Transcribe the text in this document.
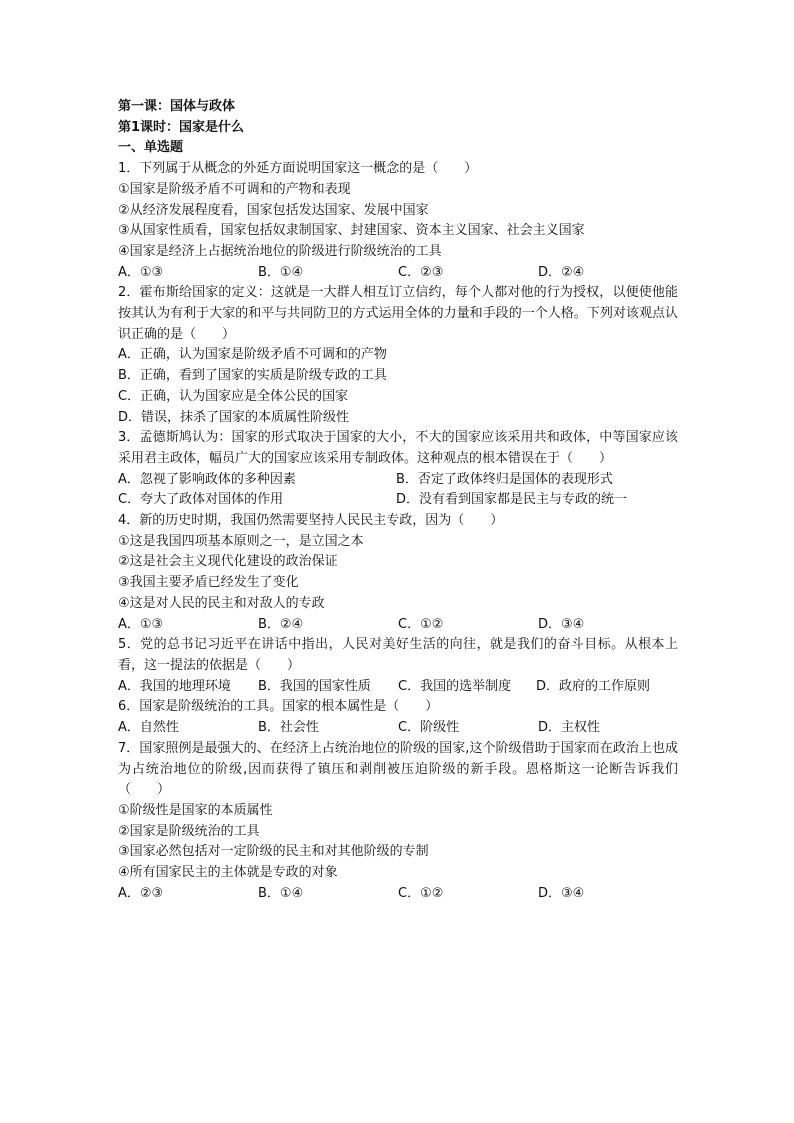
第一课：国体与政体
第1课时：国家是什么
一、单选题
1．下列属于从概念的外延方面说明国家这一概念的是（　　）
①国家是阶级矛盾不可调和的产物和表现
②从经济发展程度看，国家包括发达国家、发展中国家
③从国家性质看，国家包括奴隶制国家、封建国家、资本主义国家、社会主义国家
④国家是经济上占据统治地位的阶级进行阶级统治的工具
A．①③	B．①④	C．②③	D．②④
2．霍布斯给国家的定义：这就是一大群人相互订立信约，每个人都对他的行为授权，以便使他能按其认为有利于大家的和平与共同防卫的方式运用全体的力量和手段的一个人格。下列对该观点认识正确的是（　　）
A．正确，认为国家是阶级矛盾不可调和的产物
B．正确，看到了国家的实质是阶级专政的工具
C．正确，认为国家应是全体公民的国家
D．错误，抹杀了国家的本质属性阶级性
3．孟德斯鸠认为：国家的形式取决于国家的大小，不大的国家应该采用共和政体，中等国家应该采用君主政体，幅员广大的国家应该采用专制政体。这种观点的根本错误在于（　　）
A．忽视了影响政体的多种因素	B．否定了政体终归是国体的表现形式
C．夸大了政体对国体的作用	D．没有看到国家都是民主与专政的统一
4．新的历史时期，我国仍然需要坚持人民民主专政，因为（　　）
①这是我国四项基本原则之一，是立国之本
②这是社会主义现代化建设的政治保证
③我国主要矛盾已经发生了变化
④这是对人民的民主和对敌人的专政
A．①③	B．②④	C．①②	D．③④
5．党的总书记习近平在讲话中指出，人民对美好生活的向往，就是我们的奋斗目标。从根本上看，这一提法的依据是（　　）
A．我国的地理环境	B．我国的国家性质	C．我国的选举制度	D．政府的工作原则
6．国家是阶级统治的工具。国家的根本属性是（　　）
A．自然性	B．社会性	C．阶级性	D．主权性
7．国家照例是最强大的、在经济上占统治地位的阶级的国家,这个阶级借助于国家而在政治上也成为占统治地位的阶级,因而获得了镇压和剥削被压迫阶级的新手段。恩格斯这一论断告诉我们（　　）
①阶级性是国家的本质属性
②国家是阶级统治的工具
③国家必然包括对一定阶级的民主和对其他阶级的专制
④所有国家民主的主体就是专政的对象
A．②③	B．①④	C．①②	D．③④
